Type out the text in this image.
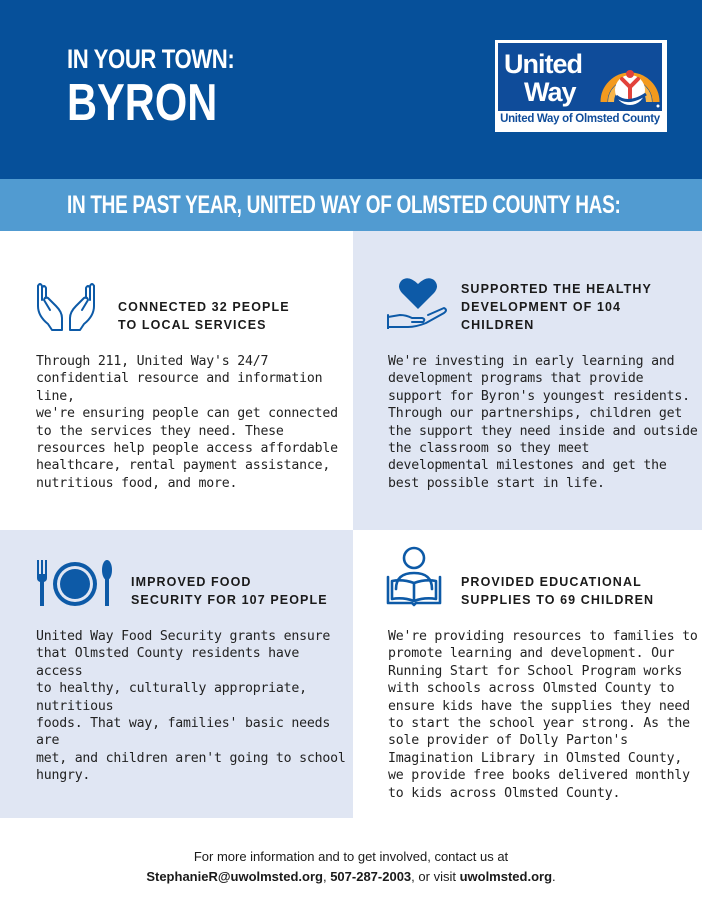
IN YOUR TOWN:
BYRON
United
Way
United Way of Olmsted County
IN THE PAST YEAR, UNITED WAY OF OLMSTED COUNTY HAS:
CONNECTED 32 PEOPLE
TO LOCAL SERVICES
Through 211, United Way's 24/7
confidential resource and information line,
we're ensuring people can get connected
to the services they need. These
resources help people access affordable
healthcare, rental payment assistance,
nutritious food, and more.
SUPPORTED THE HEALTHY
DEVELOPMENT OF 104
CHILDREN
We're investing in early learning and
development programs that provide
support for Byron's youngest residents.
Through our partnerships, children get
the support they need inside and outside
the classroom so they meet
developmental milestones and get the
best possible start in life.
IMPROVED FOOD
SECURITY FOR 107 PEOPLE
United Way Food Security grants ensure
that Olmsted County residents have access
to healthy, culturally appropriate, nutritious
foods. That way, families' basic needs are
met, and children aren't going to school
hungry.
PROVIDED EDUCATIONAL
SUPPLIES TO 69 CHILDREN
We're providing resources to families to
promote learning and development. Our
Running Start for School Program works
with schools across Olmsted County to
ensure kids have the supplies they need
to start the school year strong. As the
sole provider of Dolly Parton's
Imagination Library in Olmsted County,
we provide free books delivered monthly
to kids across Olmsted County.
For more information and to get involved, contact us at
StephanieR@uwolmsted.org, 507-287-2003, or visit uwolmsted.org.
